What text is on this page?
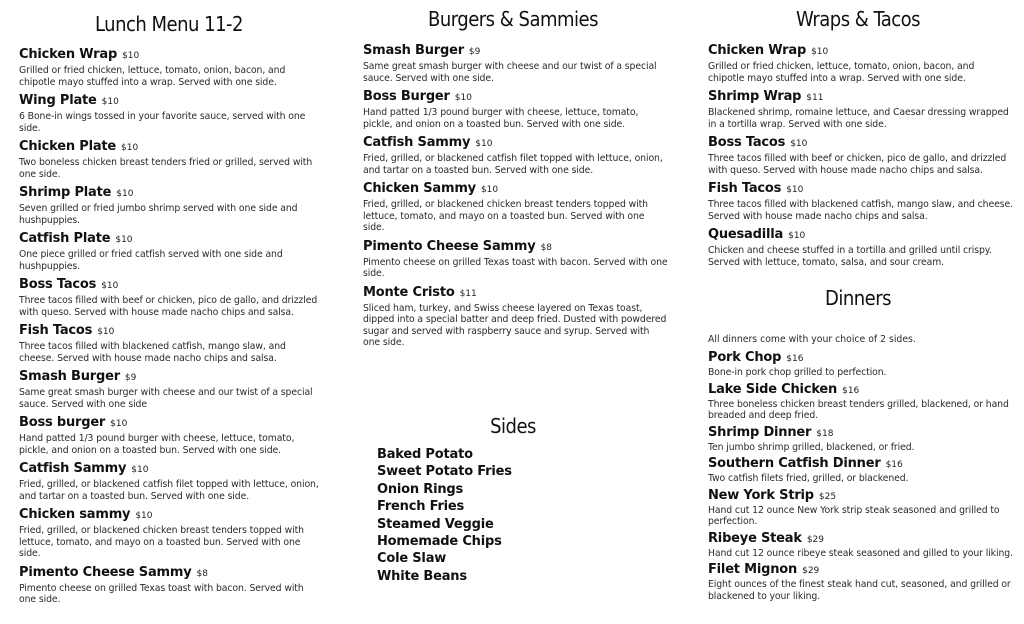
Lunch Menu 11-2
Chicken Wrap $10
Grilled or fried chicken, lettuce, tomato, onion, bacon, and chipotle mayo stuffed into a wrap. Served with one side.
Wing Plate $10
6 Bone-in wings tossed in your favorite sauce, served with one side.
Chicken Plate $10
Two boneless chicken breast tenders fried or grilled, served with one side.
Shrimp Plate $10
Seven grilled or fried jumbo shrimp served with one side and hushpuppies.
Catfish Plate $10
One piece grilled or fried catfish served with one side and hushpuppies.
Boss Tacos $10
Three tacos filled with beef or chicken, pico de gallo, and drizzled with queso. Served with house made nacho chips and salsa.
Fish Tacos $10
Three tacos filled with blackened catfish, mango slaw, and cheese. Served with house made nacho chips and salsa.
Smash Burger $9
Same great smash burger with cheese and our twist of a special sauce. Served with one side
Boss burger $10
Hand patted 1/3 pound burger with cheese, lettuce, tomato, pickle, and onion on a toasted bun. Served with one side.
Catfish Sammy $10
Fried, grilled, or blackened catfish filet topped with lettuce, onion, and tartar on a toasted bun. Served with one side.
Chicken sammy $10
Fried, grilled, or blackened chicken breast tenders topped with lettuce, tomato, and mayo on a toasted bun. Served with one side.
Pimento Cheese Sammy $8
Pimento cheese on grilled Texas toast with bacon. Served with one side.
Burgers & Sammies
Smash Burger $9
Same great smash burger with cheese and our twist of a special sauce. Served with one side.
Boss Burger $10
Hand patted 1/3 pound burger with cheese, lettuce, tomato, pickle, and onion on a toasted bun. Served with one side.
Catfish Sammy $10
Fried, grilled, or blackened catfish filet topped with lettuce, onion, and tartar on a toasted bun. Served with one side.
Chicken Sammy $10
Fried, grilled, or blackened chicken breast tenders topped with lettuce, tomato, and mayo on a toasted bun. Served with one side.
Pimento Cheese Sammy $8
Pimento cheese on grilled Texas toast with bacon. Served with one side.
Monte Cristo $11
Sliced ham, turkey, and Swiss cheese layered on Texas toast, dipped into a special batter and deep fried. Dusted with powdered sugar and served with raspberry sauce and syrup. Served with one side.
Sides
Baked Potato
Sweet Potato Fries
Onion Rings
French Fries
Steamed Veggie
Homemade Chips
Cole Slaw
White Beans
Wraps & Tacos
Chicken Wrap $10
Grilled or fried chicken, lettuce, tomato, onion, bacon, and chipotle mayo stuffed into a wrap. Served with one side.
Shrimp Wrap $11
Blackened shrimp, romaine lettuce, and Caesar dressing wrapped in a tortilla wrap. Served with one side.
Boss Tacos $10
Three tacos filled with beef or chicken, pico de gallo, and drizzled with queso. Served with house made nacho chips and salsa.
Fish Tacos $10
Three tacos filled with blackened catfish, mango slaw, and cheese. Served with house made nacho chips and salsa.
Quesadilla $10
Chicken and cheese stuffed in a tortilla and grilled until crispy. Served with lettuce, tomato, salsa, and sour cream.
Dinners
All dinners come with your choice of 2 sides.
Pork Chop $16
Bone-in pork chop grilled to perfection.
Lake Side Chicken $16
Three boneless chicken breast tenders grilled, blackened, or hand breaded and deep fried.
Shrimp Dinner $18
Ten jumbo shrimp grilled, blackened, or fried.
Southern Catfish Dinner $16
Two catfish filets fried, grilled, or blackened.
New York Strip $25
Hand cut 12 ounce New York strip steak seasoned and grilled to perfection.
Ribeye Steak $29
Hand cut 12 ounce ribeye steak seasoned and gilled to your liking.
Filet Mignon $29
Eight ounces of the finest steak hand cut, seasoned, and grilled or blackened to your liking.
